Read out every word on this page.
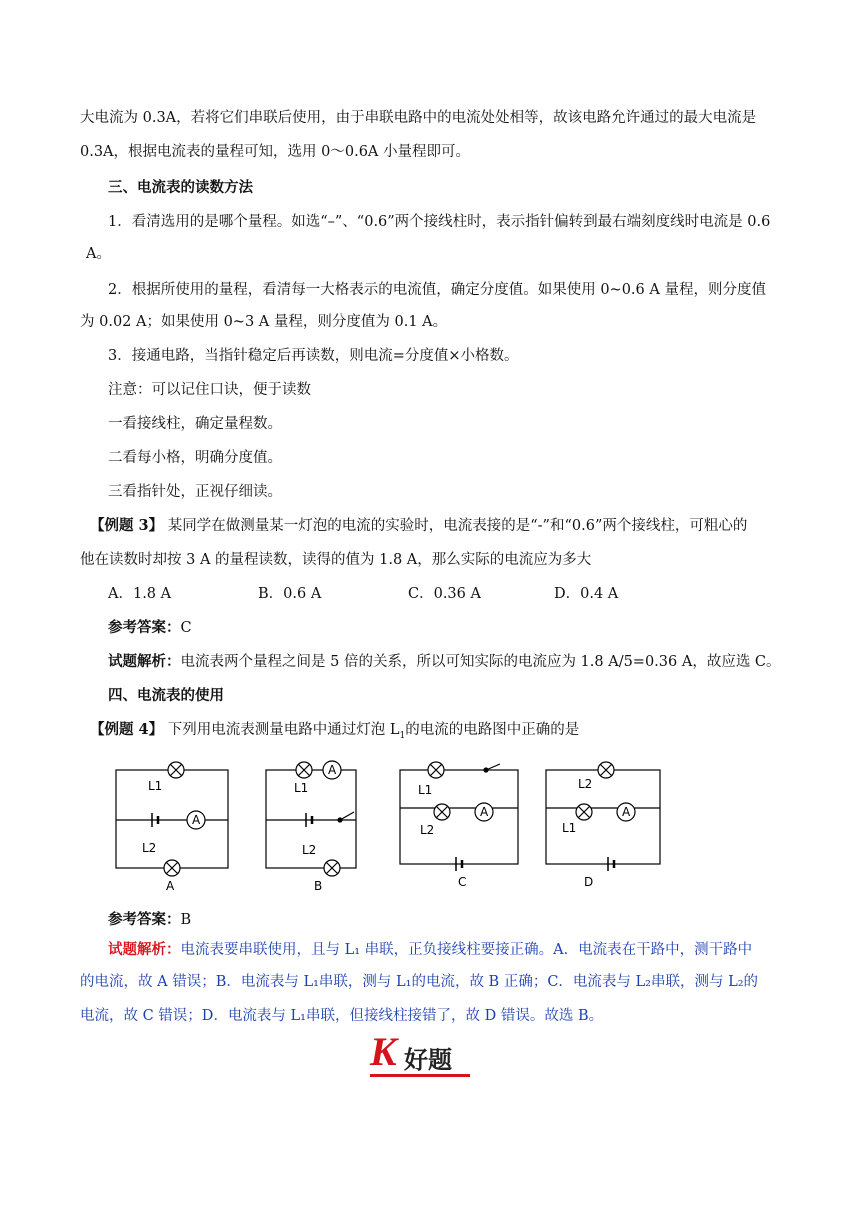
大电流为 0.3A，若将它们串联后使用，由于串联电路中的电流处处相等，故该电路允许通过的最大电流是
0.3A，根据电流表的量程可知，选用 0～0.6A 小量程即可。
三、电流表的读数方法
1．看清选用的是哪个量程。如选“–”、“0.6”两个接线柱时，表示指针偏转到最右端刻度线时电流是 0.6
A。
2．根据所使用的量程，看清每一大格表示的电流值，确定分度值。如果使用 0~0.6 A 量程，则分度值
为 0.02 A；如果使用 0~3 A 量程，则分度值为 0.1 A。
3．接通电路，当指针稳定后再读数，则电流=分度值×小格数。
注意：可以记住口诀，便于读数
一看接线柱，确定量程数。
二看每小格，明确分度值。
三看指针处，正视仔细读。
【例题 3】 某同学在做测量某一灯泡的电流的实验时，电流表接的是“-”和“0.6”两个接线柱，可粗心的
他在读数时却按 3 A 的量程读数，读得的值为 1.8 A，那么实际的电流应为多大
A．1.8 A	B．0.6 A	C．0.36 A	D．0.4 A
参考答案：C
试题解析：电流表两个量程之间是 5 倍的关系，所以可知实际的电流应为 1.8 A/5=0.36 A，故应选 C。
四、电流表的使用
【例题 4】 下列用电流表测量电路中通过灯泡 $L_1$的电流的电路图中正确的是
L1
A
L2
A
A
L1
L2
B
L1
A
L2
C
L2
A
L1
D
参考答案：B
试题解析：电流表要串联使用，且与 L₁ 串联，正负接线柱要接正确。A．电流表在干路中，测干路中
的电流，故 A 错误；B．电流表与 L₁串联，测与 L₁的电流，故 B 正确；C．电流表与 L₂串联，测与 L₂的
电流，故 C 错误；D．电流表与 L₁串联，但接线柱接错了，故 D 错误。故选 B。
K 好题
